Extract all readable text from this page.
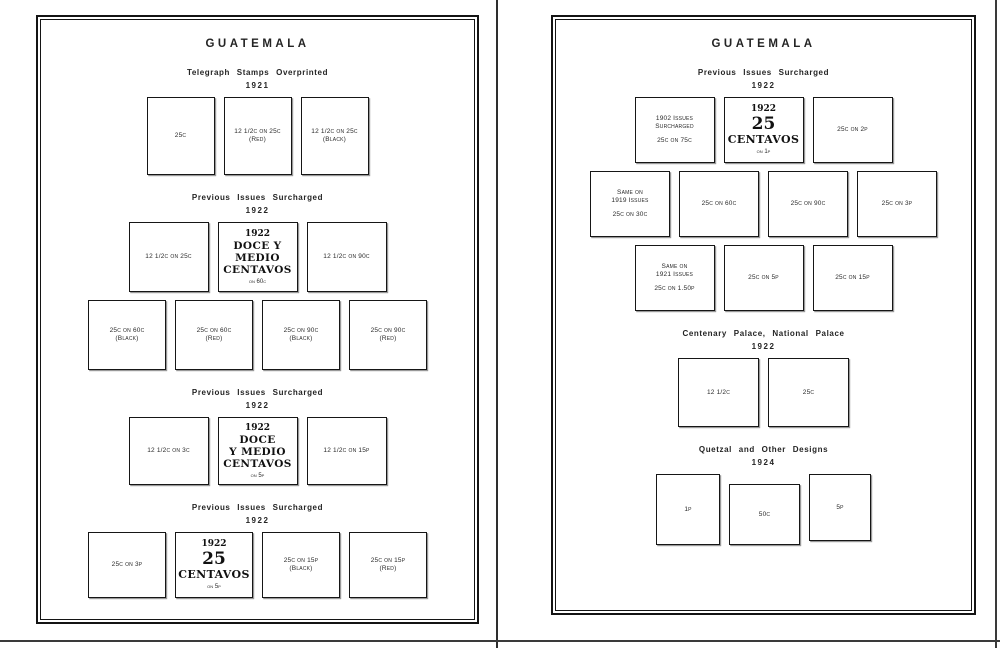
GUATEMALA
Telegraph Stamps Overprinted
1921
25c
12 1/2c on 25c
(Red)
12 1/2c on 25c
(Black)
Previous Issues Surcharged
1922
12 1/2c on 25c
1922
DOCE Y
MEDIO
CENTAVOS
on 60c
12 1/2c on 90c
25c on 60c
(Black)
25c on 60c
(Red)
25c on 90c
(Black)
25c on 90c
(Red)
Previous Issues Surcharged
1922
12 1/2c on 3c
1922
DOCE
Y MEDIO
CENTAVOS
on 5p
12 1/2c on 15p
Previous Issues Surcharged
1922
25c on 3p
1922
25
CENTAVOS
on 5p
25c on 15p
(Black)
25c on 15p
(Red)
GUATEMALA
Previous Issues Surcharged
1922
1902 Issues
Surcharged
25c on 75c
1922
25
CENTAVOS
on 1p
25c on 2p
Same on
1919 Issues
25c on 30c
25c on 60c	25c on 90c	25c on 3p
Same on
1921 Issues
25c on 1.50p
25c on 5p	25c on 15p
Centenary Palace, National Palace
1922
12 1/2c	25c
Quetzal and Other Designs
1924
1p
50c
5p
